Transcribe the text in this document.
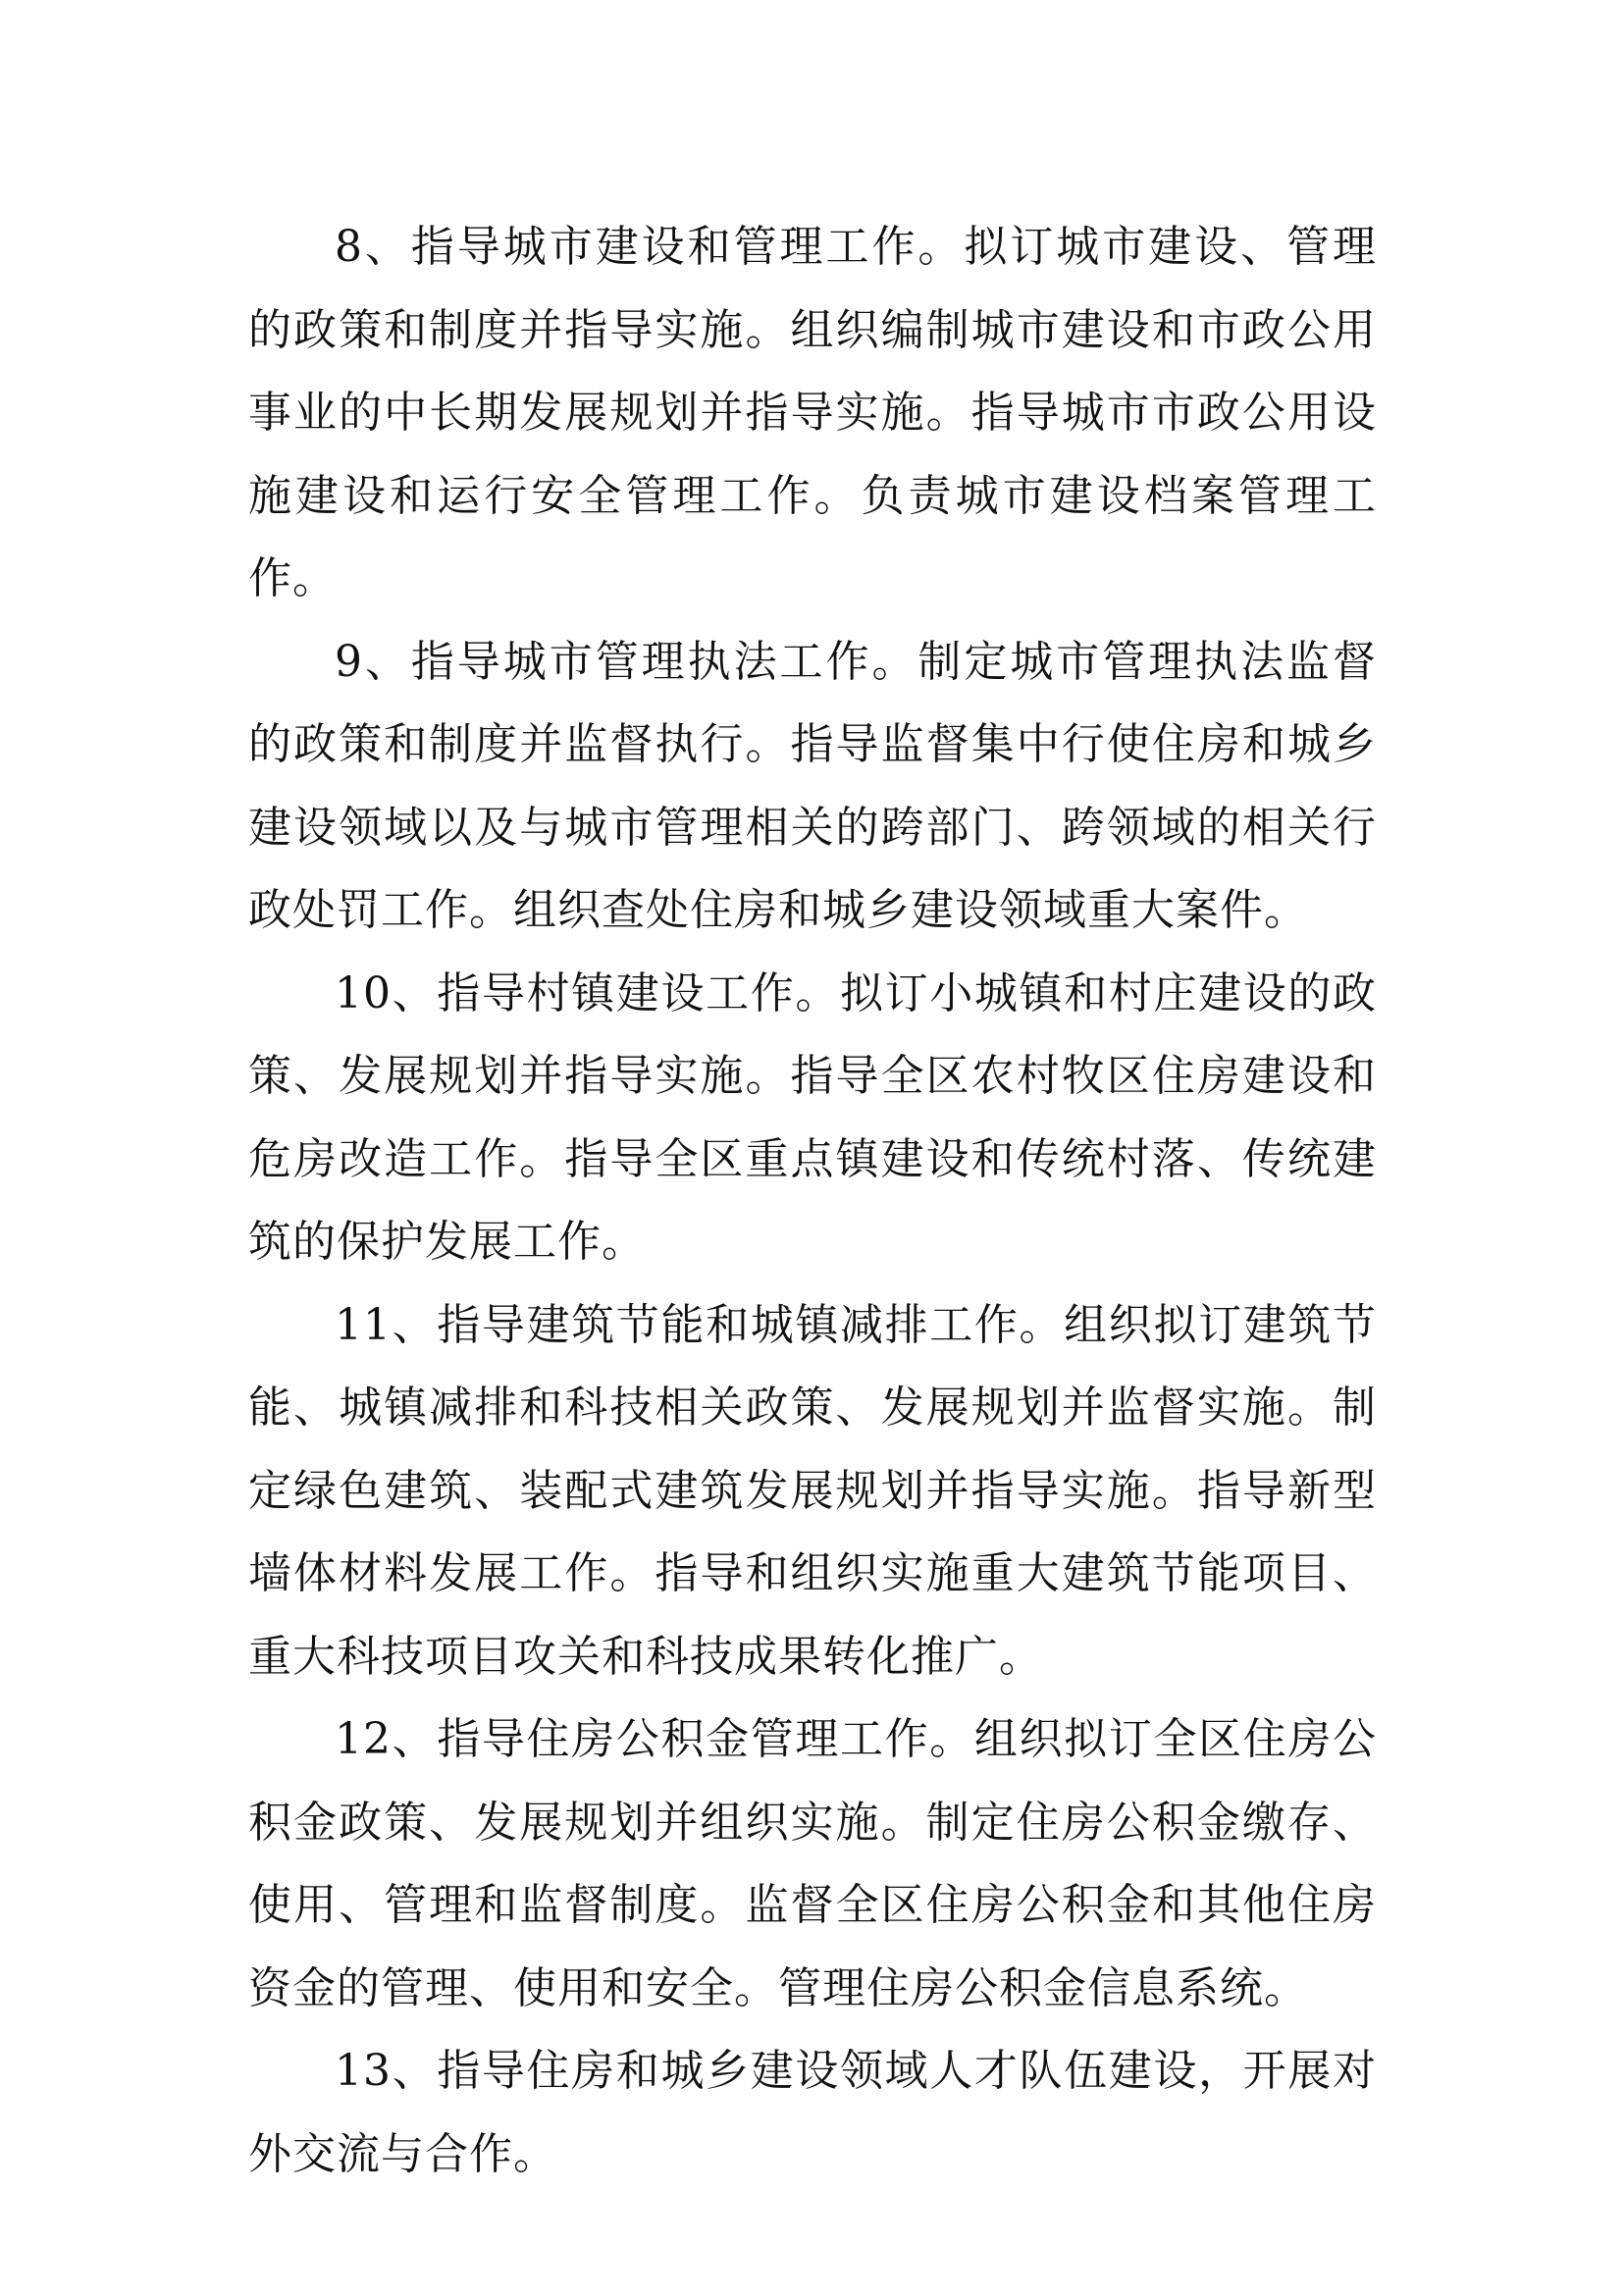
8、指导城市建设和管理工作。拟订城市建设、管理的政策和制度并指导实施。组织编制城市建设和市政公用事业的中长期发展规划并指导实施。指导城市市政公用设施建设和运行安全管理工作。负责城市建设档案管理工作。

9、指导城市管理执法工作。制定城市管理执法监督的政策和制度并监督执行。指导监督集中行使住房和城乡建设领域以及与城市管理相关的跨部门、跨领域的相关行政处罚工作。组织查处住房和城乡建设领域重大案件。

10、指导村镇建设工作。拟订小城镇和村庄建设的政策、发展规划并指导实施。指导全区农村牧区住房建设和危房改造工作。指导全区重点镇建设和传统村落、传统建筑的保护发展工作。

11、指导建筑节能和城镇减排工作。组织拟订建筑节能、城镇减排和科技相关政策、发展规划并监督实施。制定绿色建筑、装配式建筑发展规划并指导实施。指导新型墙体材料发展工作。指导和组织实施重大建筑节能项目、重大科技项目攻关和科技成果转化推广。

12、指导住房公积金管理工作。组织拟订全区住房公积金政策、发展规划并组织实施。制定住房公积金缴存、使用、管理和监督制度。监督全区住房公积金和其他住房资金的管理、使用和安全。管理住房公积金信息系统。

13、指导住房和城乡建设领域人才队伍建设，开展对外交流与合作。
